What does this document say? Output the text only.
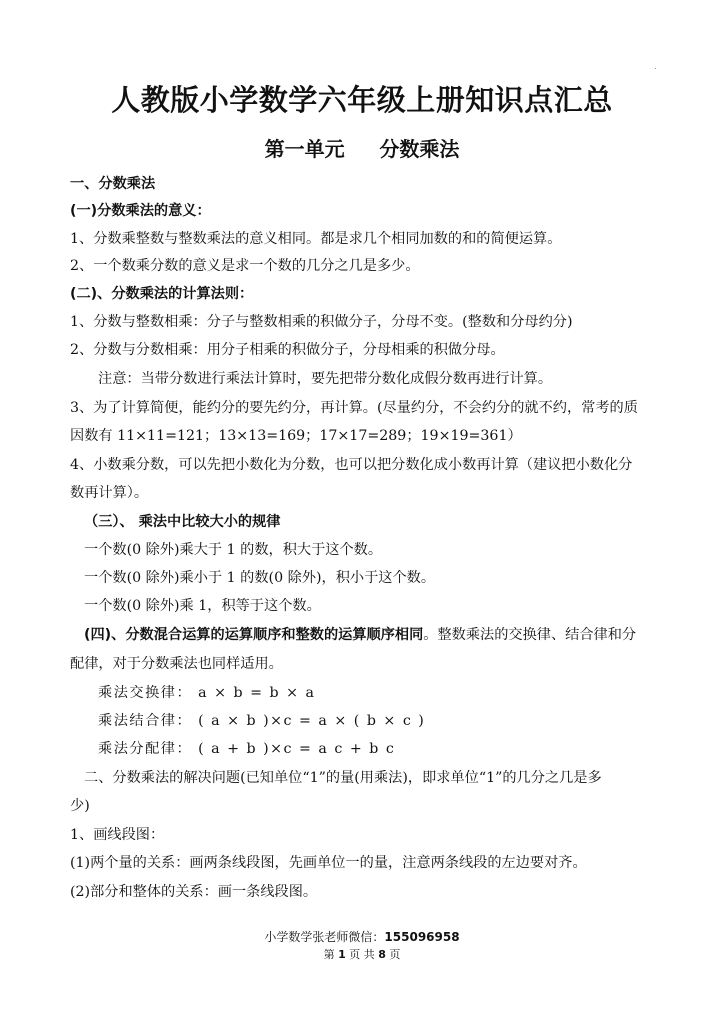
人教版小学数学六年级上册知识点汇总
第一单元     分数乘法
一、分数乘法
(一)分数乘法的意义：
1、分数乘整数与整数乘法的意义相同。都是求几个相同加数的和的简便运算。
2、一个数乘分数的意义是求一个数的几分之几是多少。
(二)、分数乘法的计算法则：
1、分数与整数相乘：分子与整数相乘的积做分子，分母不变。(整数和分母约分)
2、分数与分数相乘：用分子相乘的积做分子，分母相乘的积做分母。
注意：当带分数进行乘法计算时，要先把带分数化成假分数再进行计算。
3、为了计算简便，能约分的要先约分，再计算。(尽量约分，不会约分的就不约，常考的质
因数有 11×11=121；13×13=169；17×17=289；19×19=361）
4、小数乘分数，可以先把小数化为分数，也可以把分数化成小数再计算（建议把小数化分
数再计算）。
（三）、 乘法中比较大小的规律
一个数(0 除外)乘大于 1 的数，积大于这个数。
一个数(0 除外)乘小于 1 的数(0 除外)，积小于这个数。
一个数(0 除外)乘 1，积等于这个数。
(四)、分数混合运算的运算顺序和整数的运算顺序相同。整数乘法的交换律、结合律和分
配律，对于分数乘法也同样适用。
乘法交换律： a × b = b × a
乘法结合律： ( a × b )×c = a × ( b × c )
乘法分配律： ( a + b )×c = a c + b c
二、分数乘法的解决问题(已知单位“1”的量(用乘法)，即求单位“1”的几分之几是多
少)
1、画线段图：
(1)两个量的关系：画两条线段图，先画单位一的量，注意两条线段的左边要对齐。
(2)部分和整体的关系：画一条线段图。
小学数学张老师微信：155096958
第 1 页 共 8 页
